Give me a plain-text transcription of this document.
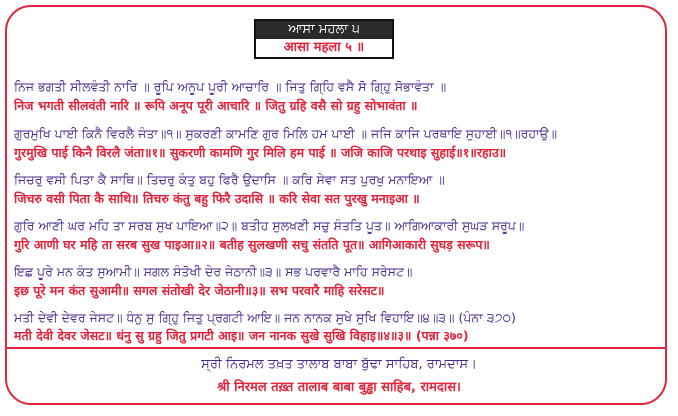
ਆਸਾ ਮਹਲਾ ੫
आसा महला ५ ॥
ਨਿਜ ਭਗਤੀ ਸੀਲਵੰਤੀ ਨਾਰਿ ॥ ਰੂਪਿ ਅਨੂਪ ਪੂਰੀ ਆਚਾਰਿ ॥ ਜਿਤੁ ਗਿ੍ਹਿ ਵਸੈ ਸੋ ਗਿ੍ਹੁ ਸੋਭਾਵੰਤਾ ॥
निज भगती सीलवंती नारि ॥ रूपि अनूप पूरी आचारि ॥ जितु ग्रहि वसै सो ग्रहु सोभावंता ॥
ਗੁਰਮੁਖਿ ਪਾਈ ਕਿਨੈ ਵਿਰਲੈ ਜੰਤਾ॥੧॥ ਸੁਕਰਣੀ ਕਾਮਣਿ ਗੁਰ ਮਿਲਿ ਹਮ ਪਾਈ ॥ ਜਜਿ ਕਾਜਿ ਪਰਥਾਇ ਸੁਹਾਈ॥੧॥ਰਹਾਉ॥
गुरमुखि पाई किनै विरलै जंता॥१॥ सुकरणी कामणि गुर मिलि हम पाई ॥ जजि काजि परथाइ सुहाई॥१॥रहाउ॥
ਜਿਚਰੁ ਵਸੀ ਪਿਤਾ ਕੈ ਸਾਥਿ॥ ਤਿਚਰੁ ਕੰਤੁ ਬਹੁ ਫਿਰੈ ਉਦਾਸਿ ॥ ਕਰਿ ਸੇਵਾ ਸਤ ਪੁਰਖੁ ਮਨਾਇਆ ॥
जिचरु वसी पिता कै साथि॥ तिचरु कंतु बहु फिरै उदासि ॥ करि सेवा सत पुरखु मनाइआ ॥
ਗੁਰਿ ਆਣੀ ਘਰ ਮਹਿ ਤਾ ਸਰਬ ਸੁਖ ਪਾਇਆ॥੨॥ ਬਤੀਹ ਸੁਲਖਣੀ ਸਚੁ ਸੰਤਤਿ ਪੂਤ॥ ਆਗਿਆਕਾਰੀ ਸੁਘੜ ਸਰੂਪ॥
गुरि आणी घर महि ता सरब सुख पाइआ॥२॥ बतीह सुलखणी सचु संतति पूत॥ आगिआकारी सुघड़ सरूप॥
ਇਛ ਪੂਰੇ ਮਨ ਕੰਤ ਸੁਆਮੀ॥ ਸਗਲ ਸੰਤੋਖੀ ਦੇਰ ਜੇਠਾਨੀ॥੩॥ ਸਭ ਪਰਵਾਰੈ ਮਾਹਿ ਸਰੇਸਟ॥
इछ पूरे मन कंत सुआमी॥ सगल संतोखी देर जेठानी॥३॥ सभ परवारै माहि सरेसट॥
ਮਤੀ ਦੇਵੀ ਦੇਵਰ ਜੇਸਟ॥ ਧੰਨੁ ਸੁ ਗਿ੍ਹੁ ਜਿਤੁ ਪ੍ਰਗਟੀ ਆਇ॥ ਜਨ ਨਾਨਕ ਸੁਖੇ ਸੁਖਿ ਵਿਹਾਇ॥੪॥੩॥ (ਪੰਨਾ ੩੭੦)
मती देवी देवर जेसट॥ धंनु सु ग्रहु जितु प्रगटी आइ॥ जन नानक सुखे सुखि विहाइ॥४॥३॥ (पन्ना ३७०)
ਸ੍ਰੀ ਨਿਰਮਲ ਤਖ਼ਤ ਤਾਲਾਬ ਬਾਬਾ ਬੁੱਢਾ ਸਾਹਿਬ, ਰਾਮਦਾਸ।
श्री निरमल तख़्त तालाब बाबा बुड्ढा साहिब, रामदास।
